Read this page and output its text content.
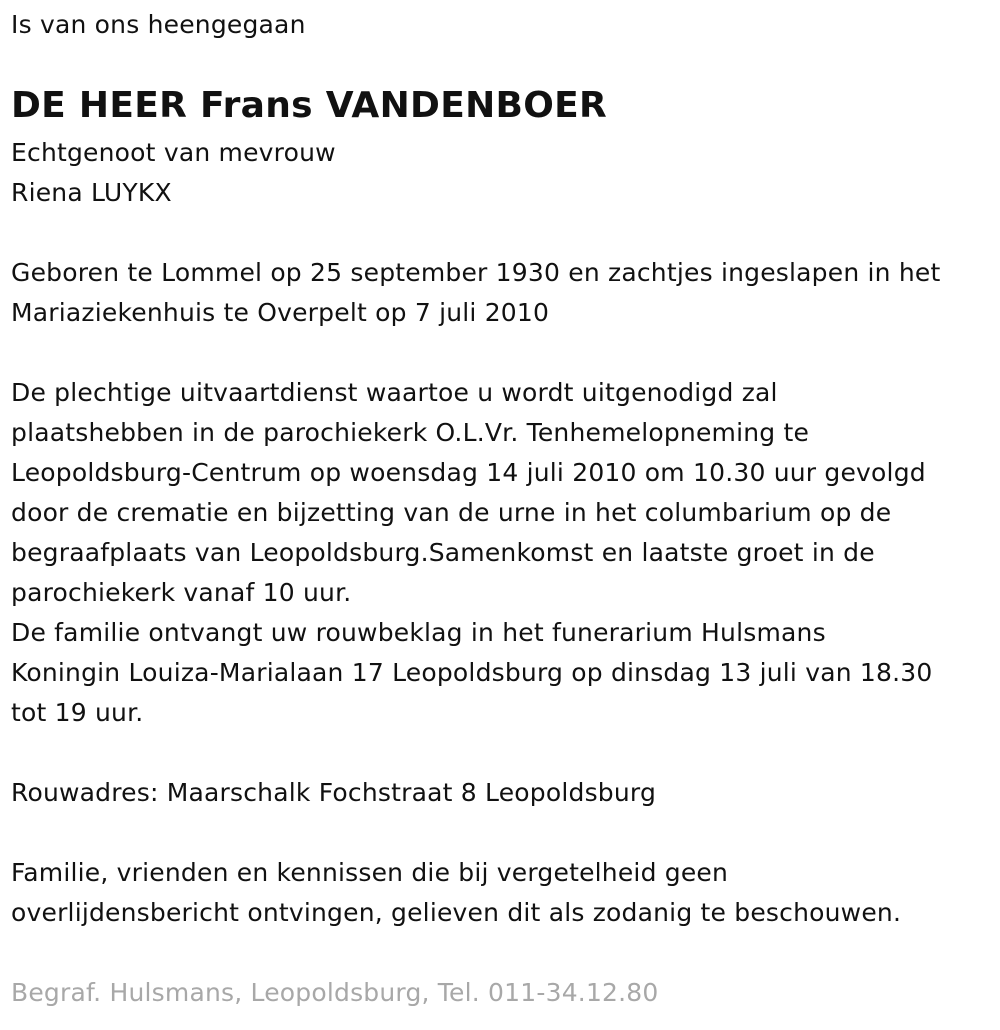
Is van ons heengegaan

DE HEER Frans VANDENBOER

Echtgenoot van mevrouw

Riena LUYKX

Geboren te Lommel op 25 september 1930 en zachtjes ingeslapen in het

Mariaziekenhuis te Overpelt op 7 juli 2010

De plechtige uitvaartdienst waartoe u wordt uitgenodigd zal

plaatshebben in de parochiekerk O.L.Vr. Tenhemelopneming te

Leopoldsburg-Centrum op woensdag 14 juli 2010 om 10.30 uur gevolgd

door de crematie en bijzetting van de urne in het columbarium op de

begraafplaats van Leopoldsburg.Samenkomst en laatste groet in de

parochiekerk vanaf 10 uur.

De familie ontvangt uw rouwbeklag in het funerarium Hulsmans

Koningin Louiza-Marialaan 17 Leopoldsburg op dinsdag 13 juli van 18.30

tot 19 uur.

Rouwadres: Maarschalk Fochstraat 8 Leopoldsburg

Familie, vrienden en kennissen die bij vergetelheid geen

overlijdensbericht ontvingen, gelieven dit als zodanig te beschouwen.

Begraf. Hulsmans, Leopoldsburg, Tel. 011-34.12.80
